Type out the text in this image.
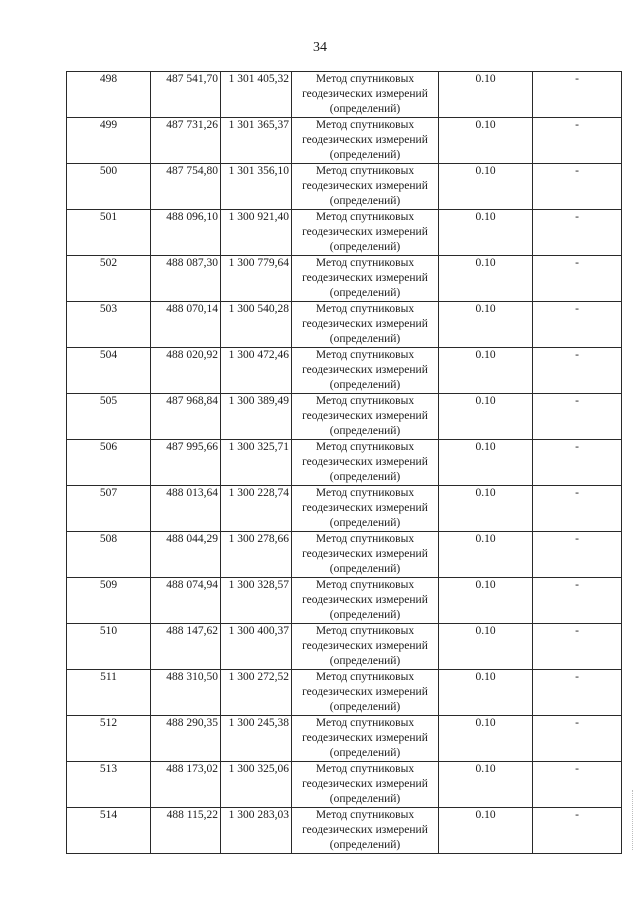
34
498	487 541,70	1 301 405,32	Метод спутниковых
геодезических измерений
(определений)	0.10	-
499	487 731,26	1 301 365,37	Метод спутниковых
геодезических измерений
(определений)	0.10	-
500	487 754,80	1 301 356,10	Метод спутниковых
геодезических измерений
(определений)	0.10	-
501	488 096,10	1 300 921,40	Метод спутниковых
геодезических измерений
(определений)	0.10	-
502	488 087,30	1 300 779,64	Метод спутниковых
геодезических измерений
(определений)	0.10	-
503	488 070,14	1 300 540,28	Метод спутниковых
геодезических измерений
(определений)	0.10	-
504	488 020,92	1 300 472,46	Метод спутниковых
геодезических измерений
(определений)	0.10	-
505	487 968,84	1 300 389,49	Метод спутниковых
геодезических измерений
(определений)	0.10	-
506	487 995,66	1 300 325,71	Метод спутниковых
геодезических измерений
(определений)	0.10	-
507	488 013,64	1 300 228,74	Метод спутниковых
геодезических измерений
(определений)	0.10	-
508	488 044,29	1 300 278,66	Метод спутниковых
геодезических измерений
(определений)	0.10	-
509	488 074,94	1 300 328,57	Метод спутниковых
геодезических измерений
(определений)	0.10	-
510	488 147,62	1 300 400,37	Метод спутниковых
геодезических измерений
(определений)	0.10	-
511	488 310,50	1 300 272,52	Метод спутниковых
геодезических измерений
(определений)	0.10	-
512	488 290,35	1 300 245,38	Метод спутниковых
геодезических измерений
(определений)	0.10	-
513	488 173,02	1 300 325,06	Метод спутниковых
геодезических измерений
(определений)	0.10	-
514	488 115,22	1 300 283,03	Метод спутниковых
геодезических измерений
(определений)	0.10	-
